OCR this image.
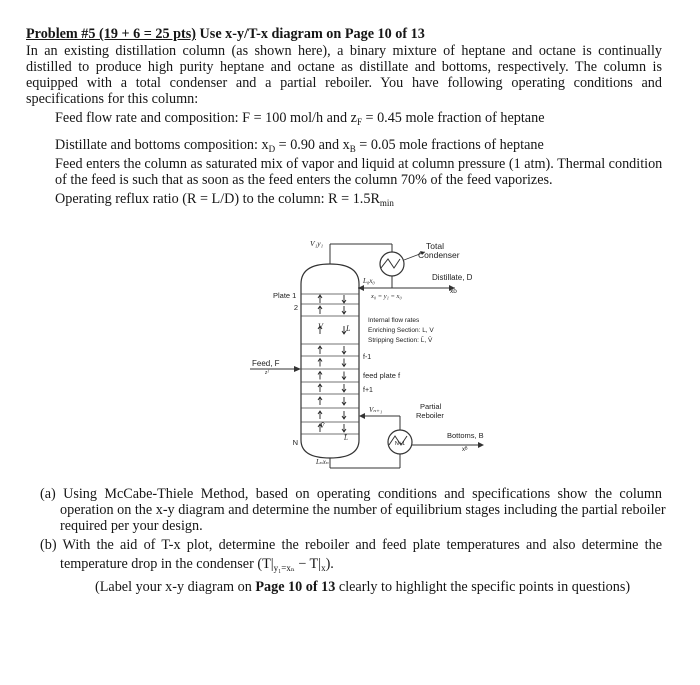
Problem #5 (19 + 6 = 25 pts) Use x-y/T-x diagram on Page 10 of 13
In an existing distillation column (as shown here), a binary mixture of heptane and octane is continually
distilled to produce high purity heptane and octane as distillate and bottoms, respectively. The column is
equipped with a total condenser and a partial reboiler. You have following operating conditions and
specifications for this column:
Feed flow rate and composition: F = 100 mol/h and $z_F = 0.45$ mole fraction of heptane
Distillate and bottoms composition: $x_D = 0.90$ and $x_B = 0.05$ mole fractions of heptane
Feed enters the column as saturated mix of vapor and liquid at column pressure (1 atm). Thermal condition
of the feed is such that as soon as the feed enters the column 70% of the feed vaporizes.
Operating reflux ratio (R = L/D) to the column: $R = 1.5R_{min}$
Total
Condenser
Distillate, D
xᴅ
L₀x₀
x₀ = y₁ = x₀
V₁y₁
Plate 1
2
Feed, F
zᶠ
N
V	L
V̄
L̄
Internal flow rates
Enriching Section: L, V
Stripping Section: L̄, V̄
f-1
feed plate f
f+1
N+1
Vₙ₊₁	Partial
Reboiler
Bottoms, B
xᴮ
Lₙxₙ
(a) Using McCabe-Thiele Method, based on operating conditions and specifications show the column
operation on the x-y diagram and determine the number of equilibrium stages including the partial reboiler
required per your design.
(b) With the aid of T-x plot, determine the reboiler and feed plate temperatures and also determine the
temperature drop in the condenser $(T|_{y_1=x_n} - T|_x)$.
(Label your x-y diagram on Page 10 of 13 clearly to highlight the specific points in questions)
